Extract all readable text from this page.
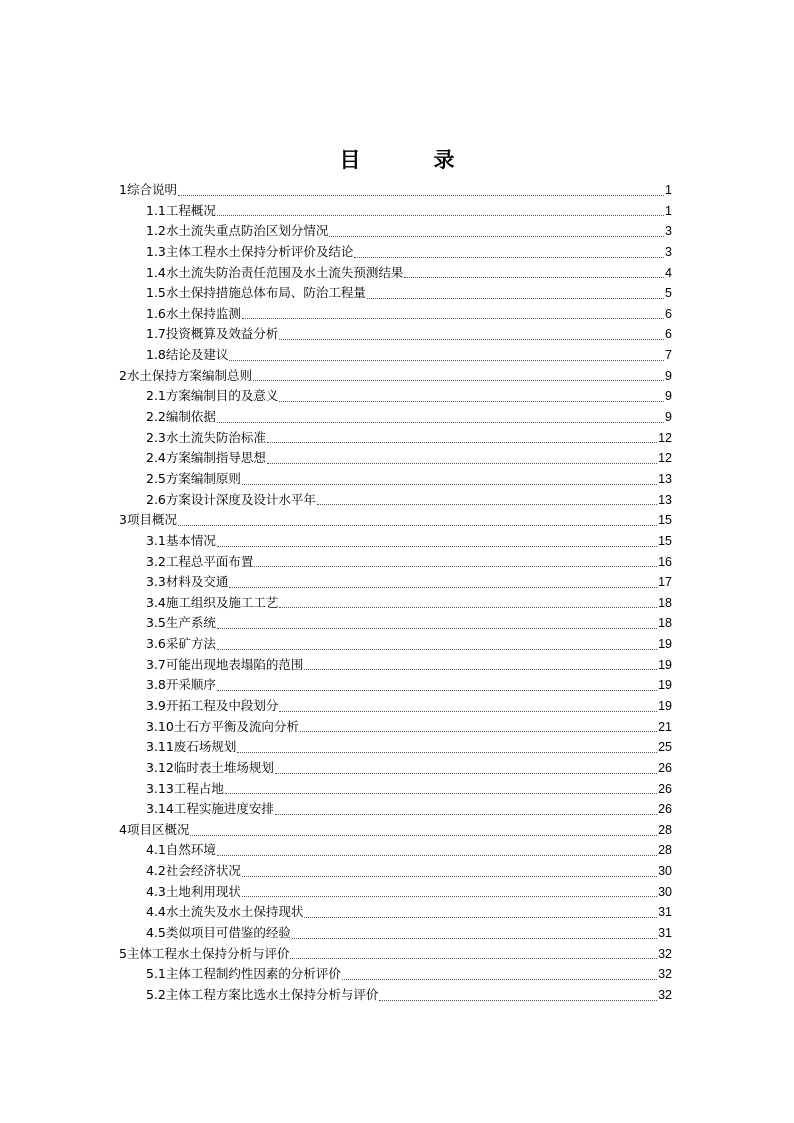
目　录
1综合说明	1
1.1工程概况	1
1.2水土流失重点防治区划分情况	3
1.3主体工程水土保持分析评价及结论	3
1.4水土流失防治责任范围及水土流失预测结果	4
1.5水土保持措施总体布局、防治工程量	5
1.6水土保持监测	6
1.7投资概算及效益分析	6
1.8结论及建议	7
2水土保持方案编制总则	9
2.1方案编制目的及意义	9
2.2编制依据	9
2.3水土流失防治标准	12
2.4方案编制指导思想	12
2.5方案编制原则	13
2.6方案设计深度及设计水平年	13
3项目概况	15
3.1基本情况	15
3.2工程总平面布置	16
3.3材料及交通	17
3.4施工组织及施工工艺	18
3.5生产系统	18
3.6采矿方法	19
3.7可能出现地表塌陷的范围	19
3.8开采顺序	19
3.9开拓工程及中段划分	19
3.10土石方平衡及流向分析	21
3.11废石场规划	25
3.12临时表土堆场规划	26
3.13工程占地	26
3.14工程实施进度安排	26
4项目区概况	28
4.1自然环境	28
4.2社会经济状况	30
4.3土地利用现状	30
4.4水土流失及水土保持现状	31
4.5类似项目可借鉴的经验	31
5主体工程水土保持分析与评价	32
5.1主体工程制约性因素的分析评价	32
5.2主体工程方案比选水土保持分析与评价	32
